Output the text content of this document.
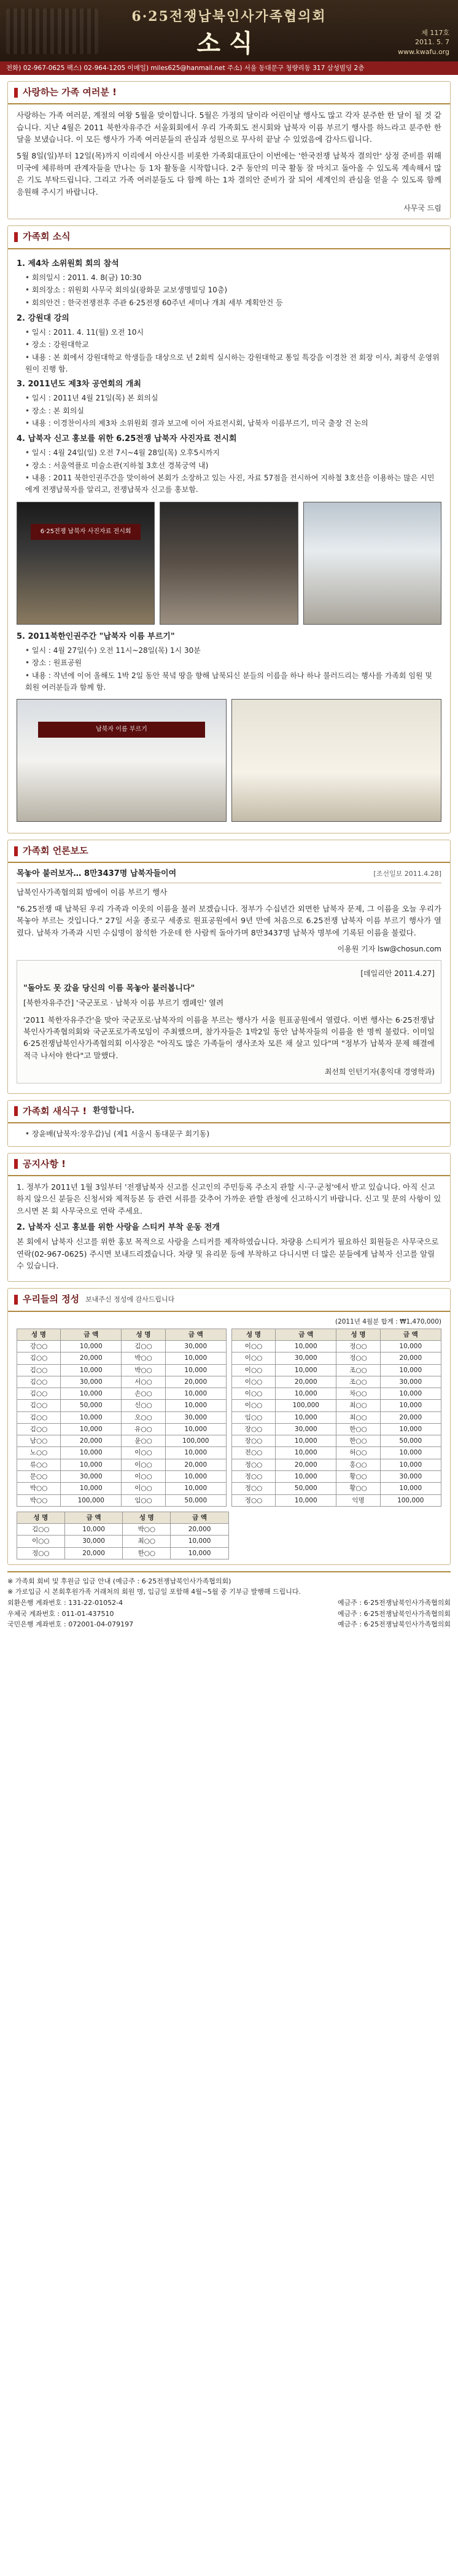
6·25전쟁납북인사가족협의회
소식	제 117호
2011. 5. 7
www.kwafu.org
전화) 02-967-0625 팩스) 02-964-1205 이메일) miles625@hanmail.net 주소) 서울 동대문구 청량리동 317 삼성빌딩 2층
사랑하는 가족 여러분 !

사랑하는 가족 여러분, 계절의 여왕 5월을 맞이합니다. 5월은 가정의 달이라 어린이날 행사도 많고 각자 분주한 한 달이 될 것 같습니다. 지난 4월은 2011 북한자유주간 서울회회에서 우리 가족회도 전시회와 납북자 이름 부르기 행사를 하느라고 분주한 한 달을 보냈습니다. 이 모든 행사가 가족 여러분들의 관심과 성원으로 무사히 끝날 수 있었음에 감사드립니다.

5월 8일(일)부터 12일(목)까지 이리에서 아산시를 비롯한 가족회대표단이 이번에는 '한국전쟁 납북자 결의안' 상정 준비를 위해 미국에 체류하며 관계자들을 만나는 등 1차 활동을 시작합니다. 2주 동안의 미국 활동 잘 마치고 돌아올 수 있도록 계속해서 많은 기도 부탁드립니다. 그리고 가족 여러분들도 다 함께 하는 1차 결의안 준비가 잘 되어 세계인의 관심을 얻을 수 있도록 함께 응원해 주시기 바랍니다.

사무국 드림
가족회 소식
1. 제4차 소위원회 회의 참석
• 회의일시 : 2011. 4. 8(금) 10:30
• 회의장소 : 위원회 사무국 회의실(광화문 교보생명빌딩 10층)
• 회의안건 : 한국전쟁전후 주관 6·25전쟁 60주년 세미나 개최 세부 계획안건 등
2. 강원대 강의
• 일시 : 2011. 4. 11(월) 오전 10시
• 장소 : 강원대학교
• 내용 : 본 회에서 강원대학교 학생들을 대상으로 년 2회씩 실시하는 강원대학교 통일 특강을 이경찬 전 회장 이사, 최광석 운영위원이 진행 함.
3. 2011년도 제3차 공연회의 개최
• 일시 : 2011년 4월 21일(목) 본 회의실
• 장소 : 본 회의실
• 내용 : 이경찬이사의 제3차 소위원회 결과 보고에 이어 자료전시회, 납북자 이름부르기, 미국 출장 건 논의
4. 납북자 신고 홍보를 위한 6.25전쟁 납북자 사진자료 전시회
• 일시 : 4월 24일(일) 오전 7시~4월 28일(목) 오후5시까지
• 장소 : 서울역플로 미술소관(지하철 3호선 경복궁역 내)
• 내용 : 2011 북한인권주간을 맞이하여 본회가 소장하고 있는 사진, 자료 57점을 전시하여 지하철 3호선을 이용하는 많은 시민에게 전쟁납북자를 알리고, 전쟁납북자 신고를 홍보함.
6·25전쟁 납북자 사진자료 전시회
5. 2011북한인권주간 "납북자 이름 부르기"
• 일시 : 4월 27일(수) 오전 11시~28일(목) 1시 30분
• 장소 : 원표공원
• 내용 : 작년에 이어 올해도 1박 2일 동안 북녘 땅을 향해 납북되신 분들의 이름을 하나 하나 불러드리는 행사를 가족회 임원 및 회원 여러분들과 함께 함.
납북자 이름 부르기
가족회 언론보도
목놓아 불러보자… 8만3437명 납북자들이여	[조선일보 2011.4.28]

납북인사가족협의회 밤에이 이름 부르기 행사

"6.25전쟁 때 납북된 우리 가족과 이웃의 이름을 불러 보겠습니다. 정부가 수십년간 외면한 납북자 문제, 그 이름을 오늘 우리가 목놓아 부르는 것입니다." 27일 서울 종로구 세종로 원표공원에서 9년 만에 처음으로 6.25전쟁 납북자 이름 부르기 행사가 열렸다. 납북자 가족과 시민 수십명이 참석한 가운데 한 사람씩 돌아가며 8만3437명 납북자 명부에 기록된 이름을 불렀다.

이용원 기자 lsw@chosun.com
[데일리안 2011.4.27]
"돌아도 못 갔을 당신의 이름 목놓아 불러봅니다"

[북한자유주간] '국군포로 · 납북자 이름 부르기 캠페인' 열려

'2011 북한자유주간'을 맞아 국군포로·납북자의 이름을 부르는 행사가 서울 원표공원에서 열렸다. 이번 행사는 6·25전쟁납북인사가족협의회와 국군포로가족모임이 주최했으며, 참가자들은 1박2일 동안 납북자들의 이름을 한 명씩 불렀다. 이미일 6·25전쟁납북인사가족협의회 이사장은 "아직도 많은 가족들이 생사조차 모른 채 살고 있다"며 "정부가 납북자 문제 해결에 적극 나서야 한다"고 말했다.

최선희 인턴기자(홍익대 경영학과)
가족회 새식구 ! 환영합니다.
• 장윤배(납북자:장우갑)님 (제1 서울시 동대문구 회기동)
공지사항 !

1. 정부가 2011년 1월 3일부터 '전쟁납북자 신고를 신고인의 주민등록 주소지 관할 시·구·군청'에서 받고 있습니다. 아직 신고하지 않으신 분들은 신청서와 제적등본 등 관련 서류를 갖추어 가까운 관할 관청에 신고하시기 바랍니다. 신고 및 문의 사항이 있으시면 본 회 사무국으로 연락 주세요.

2. 납북자 신고 홍보를 위한 사랑을 스티커 부착 운동 전개

본 회에서 납북자 신고를 위한 홍보 목적으로 사랑을 스티커를 제작하였습니다. 차량용 스티커가 필요하신 회원들은 사무국으로 연락(02-967-0625) 주시면 보내드리겠습니다. 차량 및 유리문 등에 부착하고 다니시면 더 많은 분들에게 납북자 신고를 알릴 수 있습니다.

우리들의 정성 보내주신 정성에 감사드립니다
(2011년 4월분 합계 : ₩1,470,000)
성 명	금 액	성 명	금 액
강○○	10,000	김○○	30,000
김○○	20,000	박○○	10,000
김○○	10,000	박○○	10,000
김○○	30,000	서○○	20,000
김○○	10,000	손○○	10,000
김○○	50,000	신○○	10,000
김○○	10,000	오○○	30,000
김○○	10,000	유○○	10,000
남○○	20,000	윤○○	100,000
노○○	10,000	이○○	10,000
류○○	10,000	이○○	20,000
문○○	30,000	이○○	10,000
박○○	10,000	이○○	10,000
박○○	100,000	임○○	50,000
성 명	금 액	성 명	금 액
이○○	10,000	정○○	10,000
이○○	30,000	정○○	20,000
이○○	10,000	조○○	10,000
이○○	20,000	조○○	30,000
이○○	10,000	차○○	10,000
이○○	100,000	최○○	10,000
임○○	10,000	최○○	20,000
장○○	30,000	한○○	10,000
장○○	10,000	한○○	50,000
전○○	10,000	허○○	10,000
정○○	20,000	홍○○	10,000
정○○	10,000	황○○	30,000
정○○	50,000	황○○	10,000
정○○	10,000	익명	100,000
성 명	금 액	성 명	금 액
김○○	10,000	박○○	20,000
이○○	30,000	최○○	10,000
정○○	20,000	한○○	10,000
※ 가족회 회비 및 후원금 입금 안내 (예금주 : 6·25전쟁납북인사가족협의회)
※ 가로입금 시 본회후원가족 거래처의 회원 명, 입금일 포함해 4월~5월 중 기부금 발행해 드립니다.
외환은행 계좌번호 : 131-22-01052-4	예금주 : 6·25전쟁납북인사가족협의회
우체국 계좌번호 : 011-01-437510	예금주 : 6·25전쟁납북인사가족협의회
국민은행 계좌번호 : 072001-04-079197	예금주 : 6·25전쟁납북인사가족협의회
